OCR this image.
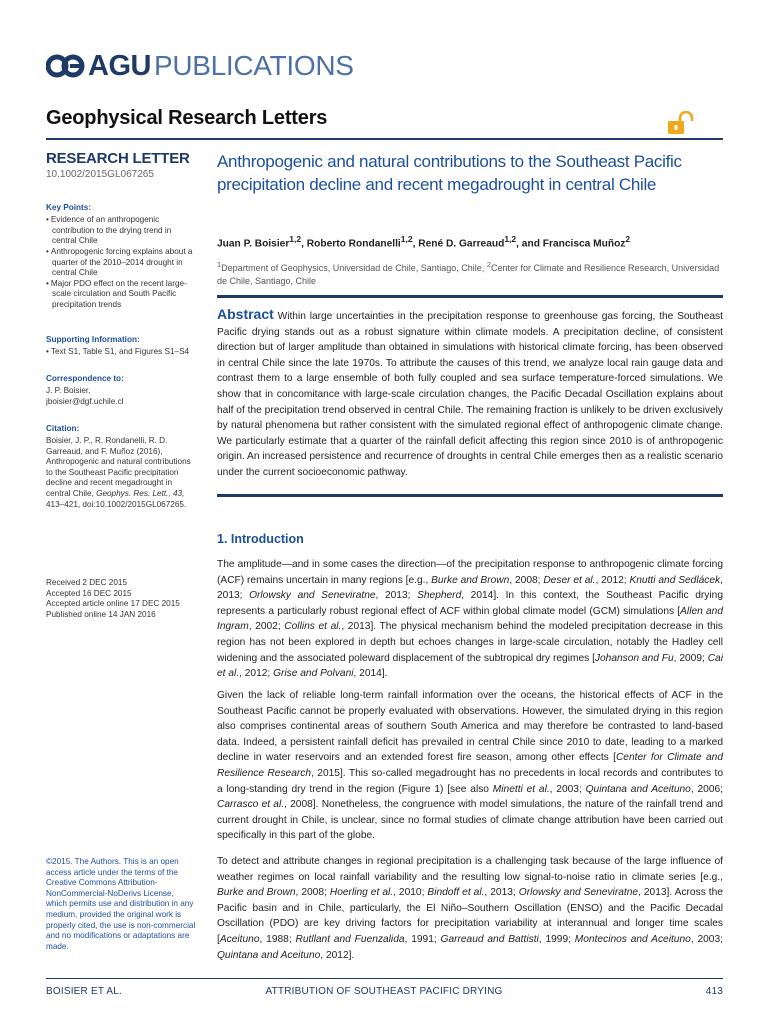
AGU PUBLICATIONS
Geophysical Research Letters
RESEARCH LETTER
10.1002/2015GL067265
Key Points:
• Evidence of an anthropogenic contribution to the drying trend in central Chile
• Anthropogenic forcing explains about a quarter of the 2010–2014 drought in central Chile
• Major PDO effect on the recent large-scale circulation and South Pacific precipitation trends
Supporting Information:
• Text S1, Table S1, and Figures S1–S4
Correspondence to:
J. P. Boisier,
jboisier@dgf.uchile.cl
Citation:
Boisier, J. P., R. Rondanelli, R. D. Garreaud, and F. Muñoz (2016), Anthropogenic and natural contributions to the Southeast Pacific precipitation decline and recent megadrought in central Chile, Geophys. Res. Lett., 43, 413–421, doi:10.1002/2015GL067265.
Received 2 DEC 2015
Accepted 16 DEC 2015
Accepted article online 17 DEC 2015
Published online 14 JAN 2016
©2015. The Authors. This is an open access article under the terms of the Creative Commons Attribution-NonCommercial-NoDerivs License, which permits use and distribution in any medium, provided the original work is properly cited, the use is non-commercial and no modifications or adaptations are made.
Anthropogenic and natural contributions to the Southeast Pacific precipitation decline and recent megadrought in central Chile
Juan P. Boisier$^{1,2}$, Roberto Rondanelli$^{1,2}$, René D. Garreaud$^{1,2}$, and Francisca Muñoz$^2$
$^1$Department of Geophysics, Universidad de Chile, Santiago, Chile, $^2$Center for Climate and Resilience Research, Universidad de Chile, Santiago, Chile
Abstract Within large uncertainties in the precipitation response to greenhouse gas forcing, the Southeast Pacific drying stands out as a robust signature within climate models. A precipitation decline, of consistent direction but of larger amplitude than obtained in simulations with historical climate forcing, has been observed in central Chile since the late 1970s. To attribute the causes of this trend, we analyze local rain gauge data and contrast them to a large ensemble of both fully coupled and sea surface temperature-forced simulations. We show that in concomitance with large-scale circulation changes, the Pacific Decadal Oscillation explains about half of the precipitation trend observed in central Chile. The remaining fraction is unlikely to be driven exclusively by natural phenomena but rather consistent with the simulated regional effect of anthropogenic climate change. We particularly estimate that a quarter of the rainfall deficit affecting this region since 2010 is of anthropogenic origin. An increased persistence and recurrence of droughts in central Chile emerges then as a realistic scenario under the current socioeconomic pathway.
1. Introduction

The amplitude—and in some cases the direction—of the precipitation response to anthropogenic climate forcing (ACF) remains uncertain in many regions [e.g., Burke and Brown, 2008; Deser et al., 2012; Knutti and Sedlácek, 2013; Orlowsky and Seneviratne, 2013; Shepherd, 2014]. In this context, the Southeast Pacific drying represents a particularly robust regional effect of ACF within global climate model (GCM) simulations [Allen and Ingram, 2002; Collins et al., 2013]. The physical mechanism behind the modeled precipitation decrease in this region has not been explored in depth but echoes changes in large-scale circulation, notably the Hadley cell widening and the associated poleward displacement of the subtropical dry regimes [Johanson and Fu, 2009; Cai et al., 2012; Grise and Polvani, 2014].

Given the lack of reliable long-term rainfall information over the oceans, the historical effects of ACF in the Southeast Pacific cannot be properly evaluated with observations. However, the simulated drying in this region also comprises continental areas of southern South America and may therefore be contrasted to land-based data. Indeed, a persistent rainfall deficit has prevailed in central Chile since 2010 to date, leading to a marked decline in water reservoirs and an extended forest fire season, among other effects [Center for Climate and Resilience Research, 2015]. This so-called megadrought has no precedents in local records and contributes to a long-standing dry trend in the region (Figure 1) [see also Minetti et al., 2003; Quintana and Aceituno, 2006; Carrasco et al., 2008]. Nonetheless, the congruence with model simulations, the nature of the rainfall trend and current drought in Chile, is unclear, since no formal studies of climate change attribution have been carried out specifically in this part of the globe.

To detect and attribute changes in regional precipitation is a challenging task because of the large influence of weather regimes on local rainfall variability and the resulting low signal-to-noise ratio in climate series [e.g., Burke and Brown, 2008; Hoerling et al., 2010; Bindoff et al., 2013; Orlowsky and Seneviratne, 2013]. Across the Pacific basin and in Chile, particularly, the El Niño–Southern Oscillation (ENSO) and the Pacific Decadal Oscillation (PDO) are key driving factors for precipitation variability at interannual and longer time scales [Aceituno, 1988; Rutllant and Fuenzalida, 1991; Garreaud and Battisti, 1999; Montecinos and Aceituno, 2003; Quintana and Aceituno, 2012].

BOISIER ET AL.	ATTRIBUTION OF SOUTHEAST PACIFIC DRYING	413
